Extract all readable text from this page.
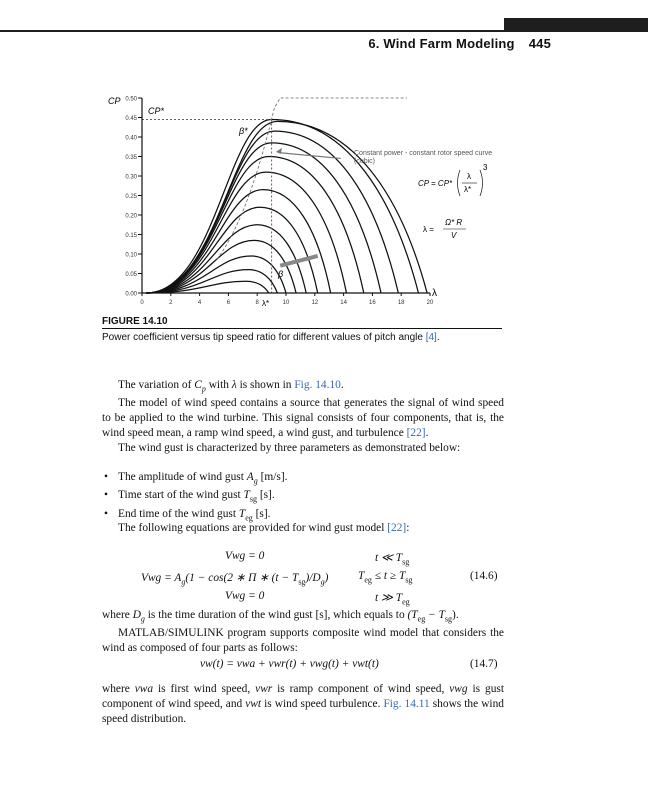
6. Wind Farm Modeling 445
0.00
0.05
0.10
0.15
0.20
0.25
0.30
0.35
0.40
0.45
0.50
0	2	4	6	8	10	12	14	16	18	20
CP
λ
CP*
β*
β
λ*
Constant power - constant rotor speed curve (cubic)
CP = CP*
λ
λ*
3
λ =
Ω* R
V
FIGURE 14.10
Power coefficient versus tip speed ratio for different values of pitch angle [4].

The variation of $C_p$ with λ is shown in Fig. 14.10.

The model of wind speed contains a source that generates the signal of wind speed to be applied to the wind turbine. This signal consists of four components, that is, the wind speed mean, a ramp wind speed, a wind gust, and turbulence [22].

The wind gust is characterized by three parameters as demonstrated below:

• The amplitude of wind gust $A_g$ [m/s].
• Time start of the wind gust $T_{sg}$ [s].
• End time of the wind gust $T_{eg}$ [s].

The following equations are provided for wind gust model [22]:

Vwg = 0	t ≪ $T_{sg}$
Vwg = $A_g(1 - \cos(2$ ∗ Π ∗ $(t - T_{sg})/D_g$)	$T_{eg} \le t \ge T_{sg}$	(14.6)
Vwg = 0	t ≫ $T_{eg}$

where $D_g$ is the time duration of the wind gust [s], which equals to $(T_{eg} - T_{sg})$.

MATLAB/SIMULINK program supports composite wind model that considers the wind as composed of four parts as follows:

vw(t) = vwa + vwr(t) + vwg(t) + vwt(t)	(14.7)

where vwa is first wind speed, vwr is ramp component of wind speed, vwg is gust component of wind speed, and vwt is wind speed turbulence. Fig. 14.11 shows the wind speed distribution.
